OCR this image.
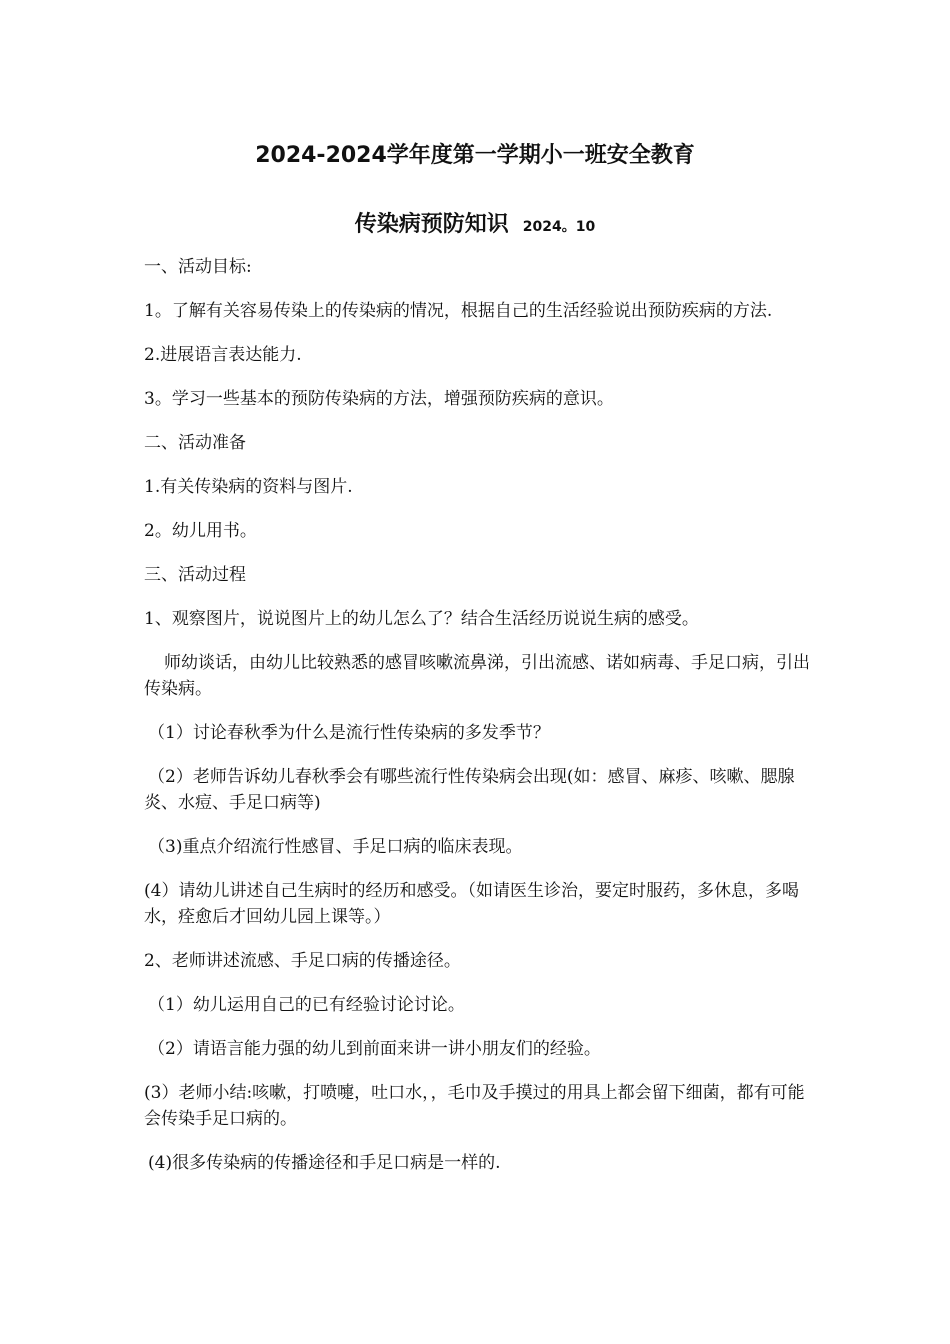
2024-2024学年度第一学期小一班安全教育
传染病预防知识 2024。10

一、活动目标:

1。了解有关容易传染上的传染病的情况，根据自己的生活经验说出预防疾病的方法.

2.进展语言表达能力.

3。学习一些基本的预防传染病的方法，增强预防疾病的意识。

二、活动准备

1.有关传染病的资料与图片.

2。幼儿用书。

三、活动过程

1、观察图片，说说图片上的幼儿怎么了？结合生活经历说说生病的感受。

师幼谈话，由幼儿比较熟悉的感冒咳嗽流鼻涕，引出流感、诺如病毒、手足口病，引出传染病。

（1）讨论春秋季为什么是流行性传染病的多发季节？

（2）老师告诉幼儿春秋季会有哪些流行性传染病会出现(如：感冒、麻疹、咳嗽、腮腺炎、水痘、手足口病等)

（3)重点介绍流行性感冒、手足口病的临床表现。

(4）请幼儿讲述自己生病时的经历和感受。（如请医生诊治，要定时服药，多休息，多喝水，痊愈后才回幼儿园上课等。）

2、老师讲述流感、手足口病的传播途径。

（1）幼儿运用自己的已有经验讨论讨论。

（2）请语言能力强的幼儿到前面来讲一讲小朋友们的经验。

(3）老师小结:咳嗽，打喷嚏，吐口水，，毛巾及手摸过的用具上都会留下细菌，都有可能会传染手足口病的。

(4)很多传染病的传播途径和手足口病是一样的.
